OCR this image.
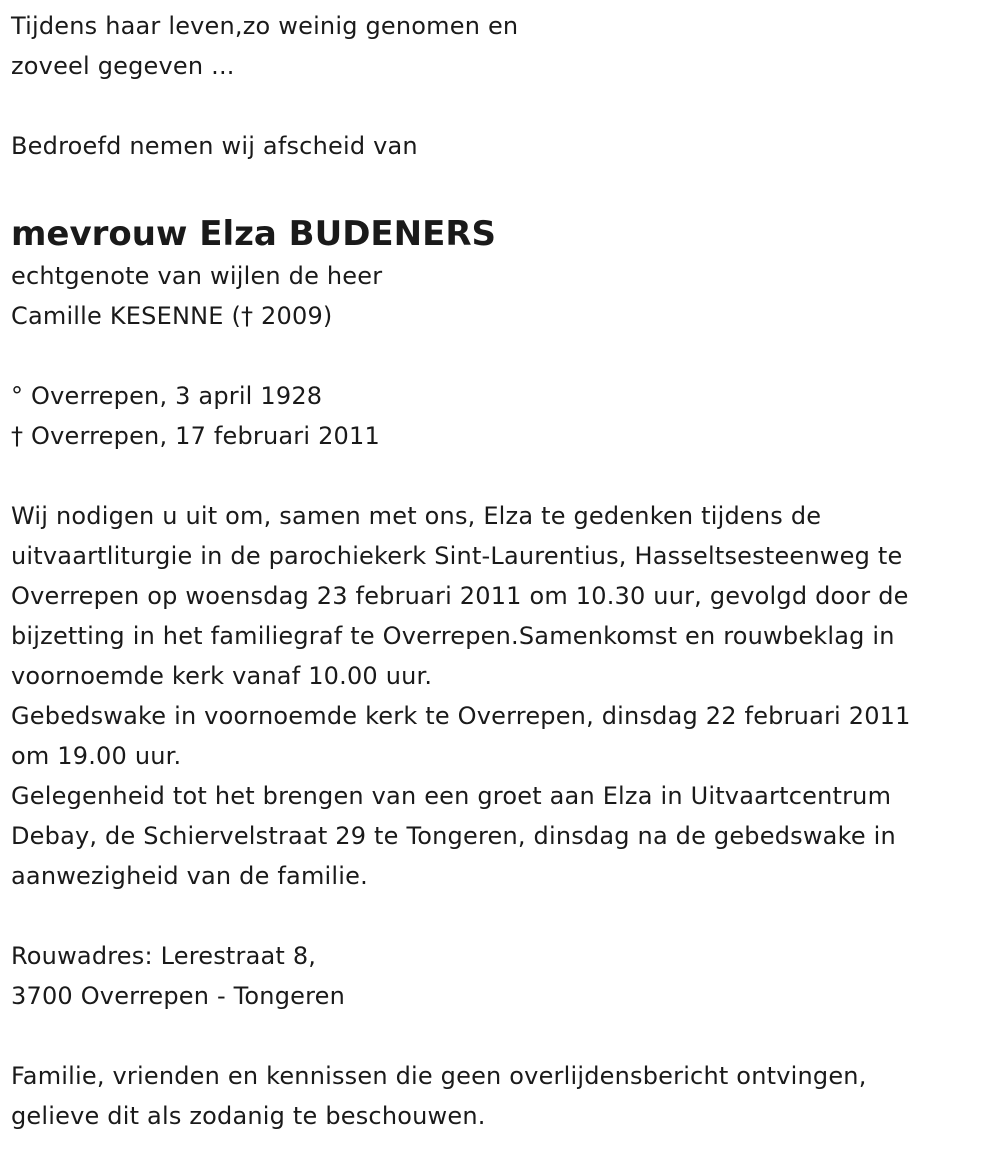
Tijdens haar leven,zo weinig genomen en
zoveel gegeven ...
Bedroefd nemen wij afscheid van
mevrouw Elza BUDENERS
echtgenote van wijlen de heer
Camille KESENNE († 2009)
° Overrepen, 3 april 1928
† Overrepen, 17 februari 2011
Wij nodigen u uit om, samen met ons, Elza te gedenken tijdens de
uitvaartliturgie in de parochiekerk Sint-Laurentius, Hasseltsesteenweg te
Overrepen op woensdag 23 februari 2011 om 10.30 uur, gevolgd door de
bijzetting in het familiegraf te Overrepen.Samenkomst en rouwbeklag in
voornoemde kerk vanaf 10.00 uur.
Gebedswake in voornoemde kerk te Overrepen, dinsdag 22 februari 2011
om 19.00 uur.
Gelegenheid tot het brengen van een groet aan Elza in Uitvaartcentrum
Debay, de Schiervelstraat 29 te Tongeren, dinsdag na de gebedswake in
aanwezigheid van de familie.
Rouwadres: Lerestraat 8,
3700 Overrepen - Tongeren
Familie, vrienden en kennissen die geen overlijdensbericht ontvingen,
gelieve dit als zodanig te beschouwen.
